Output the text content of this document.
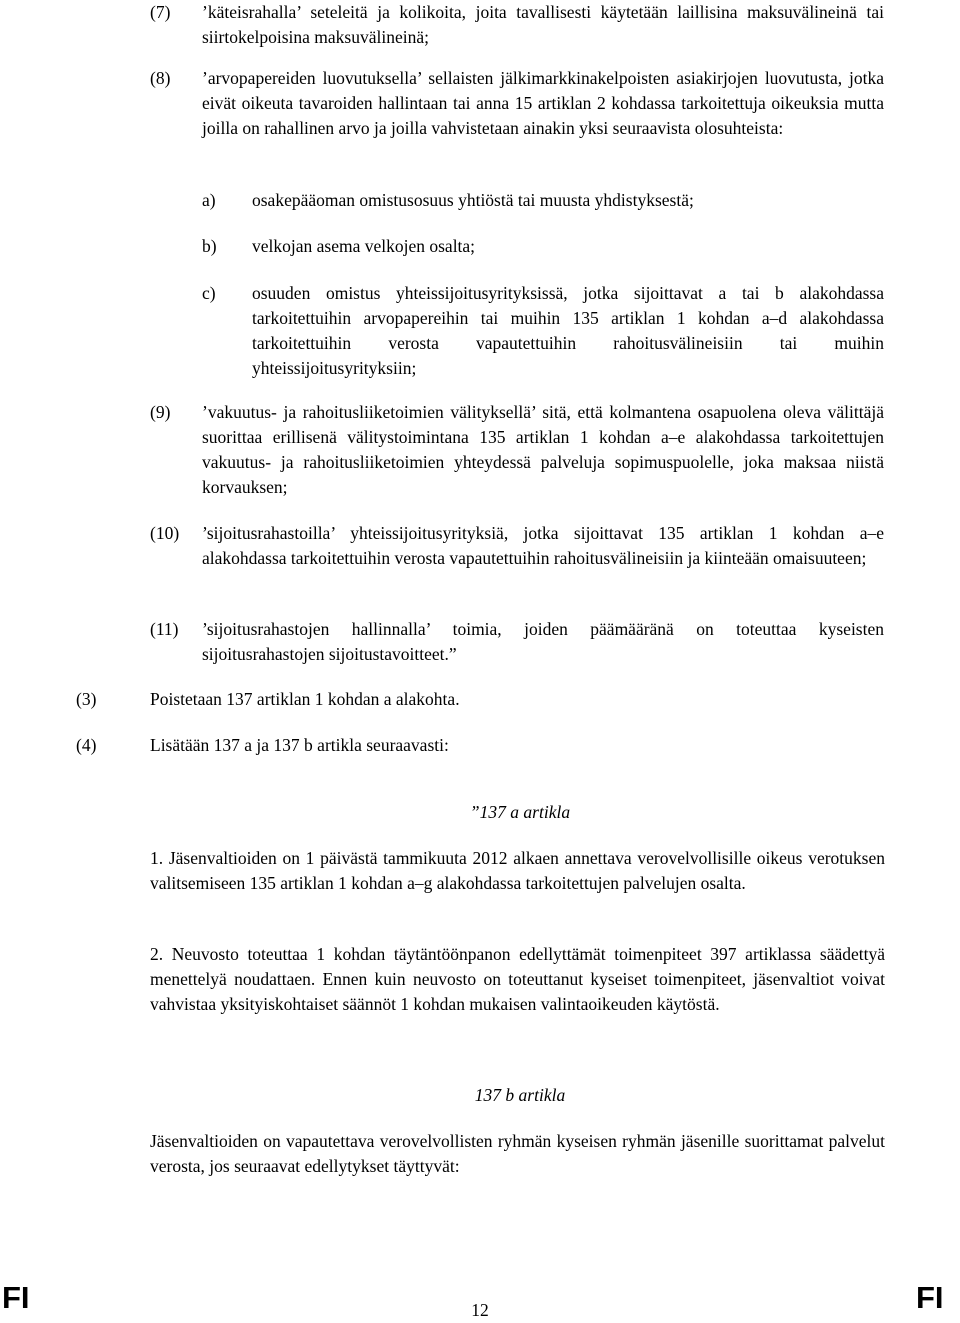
(7) ’käteisrahalla’ seteleitä ja kolikoita, joita tavallisesti käytetään laillisina maksuvälineinä tai siirtokelpoisina maksuvälineinä;
(8) ’arvopapereiden luovutuksella’ sellaisten jälkimarkkinakelpoisten asiakirjojen luovutusta, jotka eivät oikeuta tavaroiden hallintaan tai anna 15 artiklan 2 kohdassa tarkoitettuja oikeuksia mutta joilla on rahallinen arvo ja joilla vahvistetaan ainakin yksi seuraavista olosuhteista:
a) osakepääoman omistusosuus yhtiöstä tai muusta yhdistyksestä;
b) velkojan asema velkojen osalta;
c) osuuden omistus yhteissijoitusyrityksissä, jotka sijoittavat a tai b alakohdassa tarkoitettuihin arvopapereihin tai muihin 135 artiklan 1 kohdan a–d alakohdassa tarkoitettuihin verosta vapautettuihin rahoitusvälineisiin tai muihin yhteissijoitusyrityksiin;
(9) ’vakuutus- ja rahoitusliiketoimien välityksellä’ sitä, että kolmantena osapuolena oleva välittäjä suorittaa erillisenä välitystoimintana 135 artiklan 1 kohdan a–e alakohdassa tarkoitettujen vakuutus- ja rahoitusliiketoimien yhteydessä palveluja sopimuspuolelle, joka maksaa niistä korvauksen;
(10) ’sijoitusrahastoilla’ yhteissijoitusyrityksiä, jotka sijoittavat 135 artiklan 1 kohdan a–e alakohdassa tarkoitettuihin verosta vapautettuihin rahoitusvälineisiin ja kiinteään omaisuuteen;
(11) ’sijoitusrahastojen hallinnalla’ toimia, joiden päämääränä on toteuttaa kyseisten sijoitusrahastojen sijoitustavoitteet.”
(3)	Poistetaan 137 artiklan 1 kohdan a alakohta.
(4)	Lisätään 137 a ja 137 b artikla seuraavasti:
”137 a artikla
1. Jäsenvaltioiden on 1 päivästä tammikuuta 2012 alkaen annettava verovelvollisille oikeus verotuksen valitsemiseen 135 artiklan 1 kohdan a–g alakohdassa tarkoitettujen palvelujen osalta.
2. Neuvosto toteuttaa 1 kohdan täytäntöönpanon edellyttämät toimenpiteet 397 artiklassa säädettyä menettelyä noudattaen. Ennen kuin neuvosto on toteuttanut kyseiset toimenpiteet, jäsenvaltiot voivat vahvistaa yksityiskohtaiset säännöt 1 kohdan mukaisen valintaoikeuden käytöstä.
137 b artikla
Jäsenvaltioiden on vapautettava verovelvollisten ryhmän kyseisen ryhmän jäsenille suorittamat palvelut verosta, jos seuraavat edellytykset täyttyvät:
FI	12	FI
